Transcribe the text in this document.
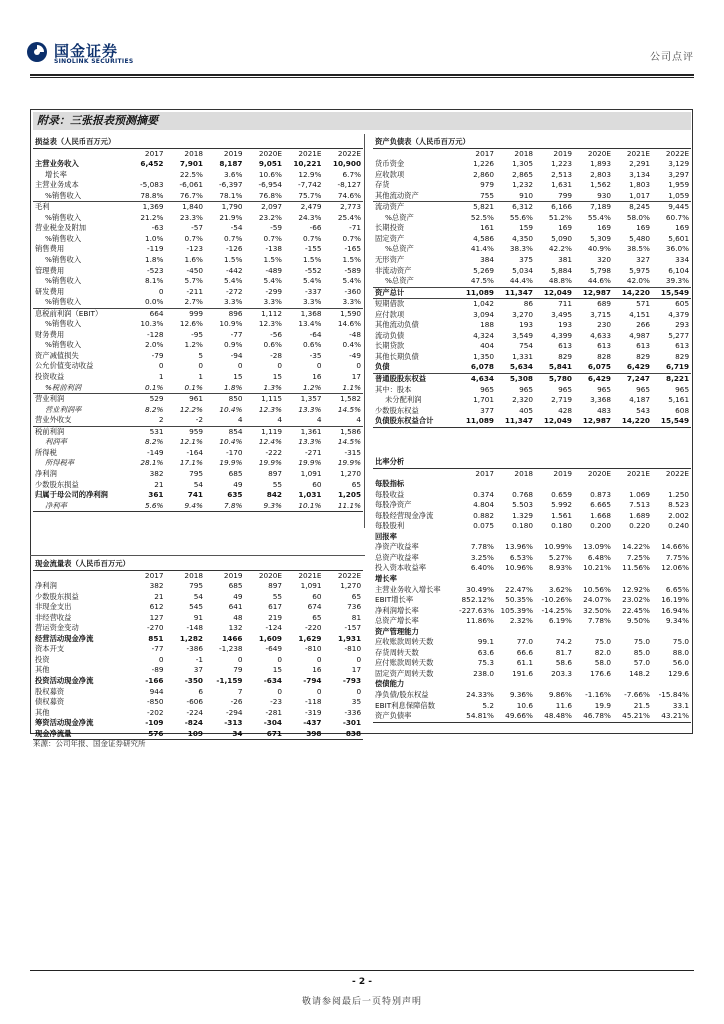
国金证券
SINOLINK SECURITIES	公司点评
附录：三张报表预测摘要
损益表（人民币百万元）						
	2017	2018	2019	2020E	2021E	2022E
主营业务收入	6,452	7,901	8,187	9,051	10,221	10,900
增长率		22.5%	3.6%	10.6%	12.9%	6.7%
主营业务成本	-5,083	-6,061	-6,397	-6,954	-7,742	-8,127
%销售收入	78.8%	76.7%	78.1%	76.8%	75.7%	74.6%
毛利	1,369	1,840	1,790	2,097	2,479	2,773
%销售收入	21.2%	23.3%	21.9%	23.2%	24.3%	25.4%
营业税金及附加	-63	-57	-54	-59	-66	-71
%销售收入	1.0%	0.7%	0.7%	0.7%	0.7%	0.7%
销售费用	-119	-123	-126	-138	-155	-165
%销售收入	1.8%	1.6%	1.5%	1.5%	1.5%	1.5%
管理费用	-523	-450	-442	-489	-552	-589
%销售收入	8.1%	5.7%	5.4%	5.4%	5.4%	5.4%
研发费用	0	-211	-272	-299	-337	-360
%销售收入	0.0%	2.7%	3.3%	3.3%	3.3%	3.3%
息税前利润（EBIT）	664	999	896	1,112	1,368	1,590
%销售收入	10.3%	12.6%	10.9%	12.3%	13.4%	14.6%
财务费用	-128	-95	-77	-56	-64	-48
%销售收入	2.0%	1.2%	0.9%	0.6%	0.6%	0.4%
资产减值损失	-79	5	-94	-28	-35	-49
公允价值变动收益	0	0	0	0	0	0
投资收益	1	1	15	15	16	17
%税前利润	0.1%	0.1%	1.8%	1.3%	1.2%	1.1%
营业利润	529	961	850	1,115	1,357	1,582
营业利润率	8.2%	12.2%	10.4%	12.3%	13.3%	14.5%
营业外收支	2	-2	4	4	4	4
税前利润	531	959	854	1,119	1,361	1,586
利润率	8.2%	12.1%	10.4%	12.4%	13.3%	14.5%
所得税	-149	-164	-170	-222	-271	-315
所得税率	28.1%	17.1%	19.9%	19.9%	19.9%	19.9%
净利润	382	795	685	897	1,091	1,270
少数股东损益	21	54	49	55	60	65
归属于母公司的净利润	361	741	635	842	1,031	1,205
净利率	5.6%	9.4%	7.8%	9.3%	10.1%	11.1%
资产负债表（人民币百万元）						
	2017	2018	2019	2020E	2021E	2022E
货币资金	1,226	1,305	1,223	1,893	2,291	3,129
应收款项	2,860	2,865	2,513	2,803	3,134	3,297
存货	979	1,232	1,631	1,562	1,803	1,959
其他流动资产	755	910	799	930	1,017	1,059
流动资产	5,821	6,312	6,166	7,189	8,245	9,445
%总资产	52.5%	55.6%	51.2%	55.4%	58.0%	60.7%
长期投资	161	159	169	169	169	169
固定资产	4,586	4,350	5,090	5,309	5,480	5,601
%总资产	41.4%	38.3%	42.2%	40.9%	38.5%	36.0%
无形资产	384	375	381	320	327	334
非流动资产	5,269	5,034	5,884	5,798	5,975	6,104
%总资产	47.5%	44.4%	48.8%	44.6%	42.0%	39.3%
资产总计	11,089	11,347	12,049	12,987	14,220	15,549
短期借款	1,042	86	711	689	571	605
应付款项	3,094	3,270	3,495	3,715	4,151	4,379
其他流动负债	188	193	193	230	266	293
流动负债	4,324	3,549	4,399	4,633	4,987	5,277
长期贷款	404	754	613	613	613	613
其他长期负债	1,350	1,331	829	828	829	829
负债	6,078	5,634	5,841	6,075	6,429	6,719
普通股股东权益	4,634	5,308	5,780	6,429	7,247	8,221
其中：股本	965	965	965	965	965	965
未分配利润	1,701	2,320	2,719	3,368	4,187	5,161
少数股东权益	377	405	428	483	543	608
负债股东权益合计	11,089	11,347	12,049	12,987	14,220	15,549
比率分析						
	2017	2018	2019	2020E	2021E	2022E
每股指标						
每股收益	0.374	0.768	0.659	0.873	1.069	1.250
每股净资产	4.804	5.503	5.992	6.665	7.513	8.523
每股经营现金净流	0.882	1.329	1.561	1.668	1.689	2.002
每股股利	0.075	0.180	0.180	0.200	0.220	0.240
回报率						
净资产收益率	7.78%	13.96%	10.99%	13.09%	14.22%	14.66%
总资产收益率	3.25%	6.53%	5.27%	6.48%	7.25%	7.75%
投入资本收益率	6.40%	10.96%	8.93%	10.21%	11.56%	12.06%
增长率						
主营业务收入增长率	30.49%	22.47%	3.62%	10.56%	12.92%	6.65%
EBIT增长率	852.12%	50.35%	-10.26%	24.07%	23.02%	16.19%
净利润增长率	-227.63%	105.39%	-14.25%	32.50%	22.45%	16.94%
总资产增长率	11.86%	2.32%	6.19%	7.78%	9.50%	9.34%
资产管理能力						
应收账款周转天数	99.1	77.0	74.2	75.0	75.0	75.0
存货周转天数	63.6	66.6	81.7	82.0	85.0	88.0
应付账款周转天数	75.3	61.1	58.6	58.0	57.0	56.0
固定资产周转天数	238.0	191.6	203.3	176.6	148.2	129.6
偿债能力						
净负债/股东权益	24.33%	9.36%	9.86%	-1.16%	-7.66%	-15.84%
EBIT利息保障倍数	5.2	10.6	11.6	19.9	21.5	33.1
资产负债率	54.81%	49.66%	48.48%	46.78%	45.21%	43.21%
现金流量表（人民币百万元）						
	2017	2018	2019	2020E	2021E	2022E
净利润	382	795	685	897	1,091	1,270
少数股东损益	21	54	49	55	60	65
非现金支出	612	545	641	617	674	736
非经营收益	127	91	48	219	65	81
营运资金变动	-270	-148	132	-124	-220	-157
经营活动现金净流	851	1,282	1466	1,609	1,629	1,931
资本开支	-77	-386	-1,238	-649	-810	-810
投资	0	-1	0	0	0	0
其他	-89	37	79	15	16	17
投资活动现金净流	-166	-350	-1,159	-634	-794	-793
股权募资	944	6	7	0	0	0
债权募资	-850	-606	-26	-23	-118	35
其他	-202	-224	-294	-281	-319	-336
筹资活动现金净流	-109	-824	-313	-304	-437	-301
现金净流量	576	109	34	671	398	838
来源：公司年报、国金证券研究所
- 2 -
敬请参阅最后一页特别声明
